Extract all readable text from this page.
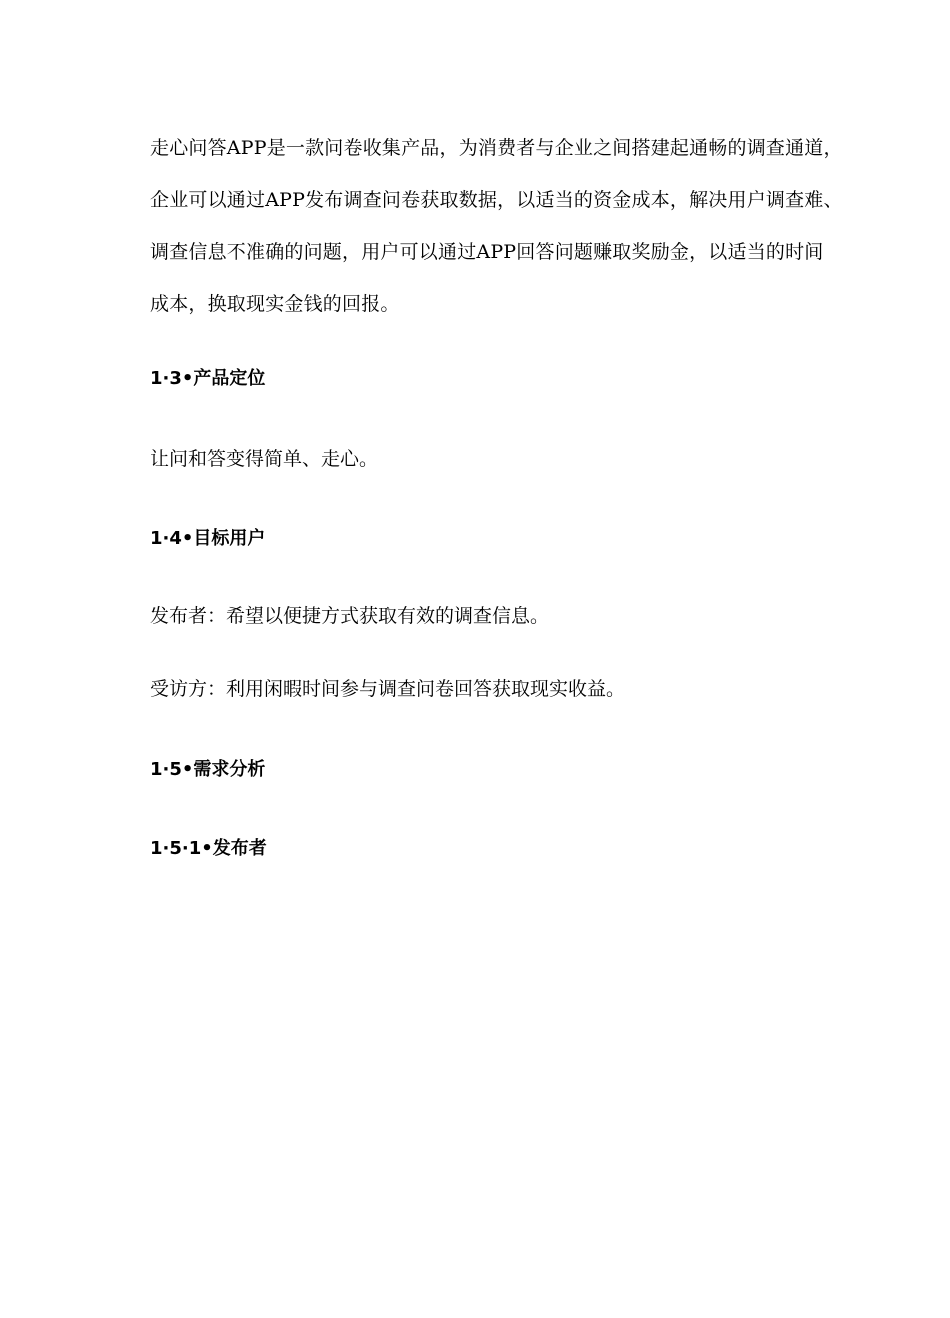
走心问答APP是一款问卷收集产品，为消费者与企业之间搭建起通畅的调查通道，
企业可以通过APP发布调查问卷获取数据，以适当的资金成本，解决用户调查难、
调查信息不准确的问题，用户可以通过APP回答问题赚取奖励金，以适当的时间
成本，换取现实金钱的回报。
1·3•产品定位
让问和答变得简单、走心。
1·4•目标用户
发布者：希望以便捷方式获取有效的调查信息。
受访方：利用闲暇时间参与调查问卷回答获取现实收益。
1·5•需求分析
1·5·1•发布者
